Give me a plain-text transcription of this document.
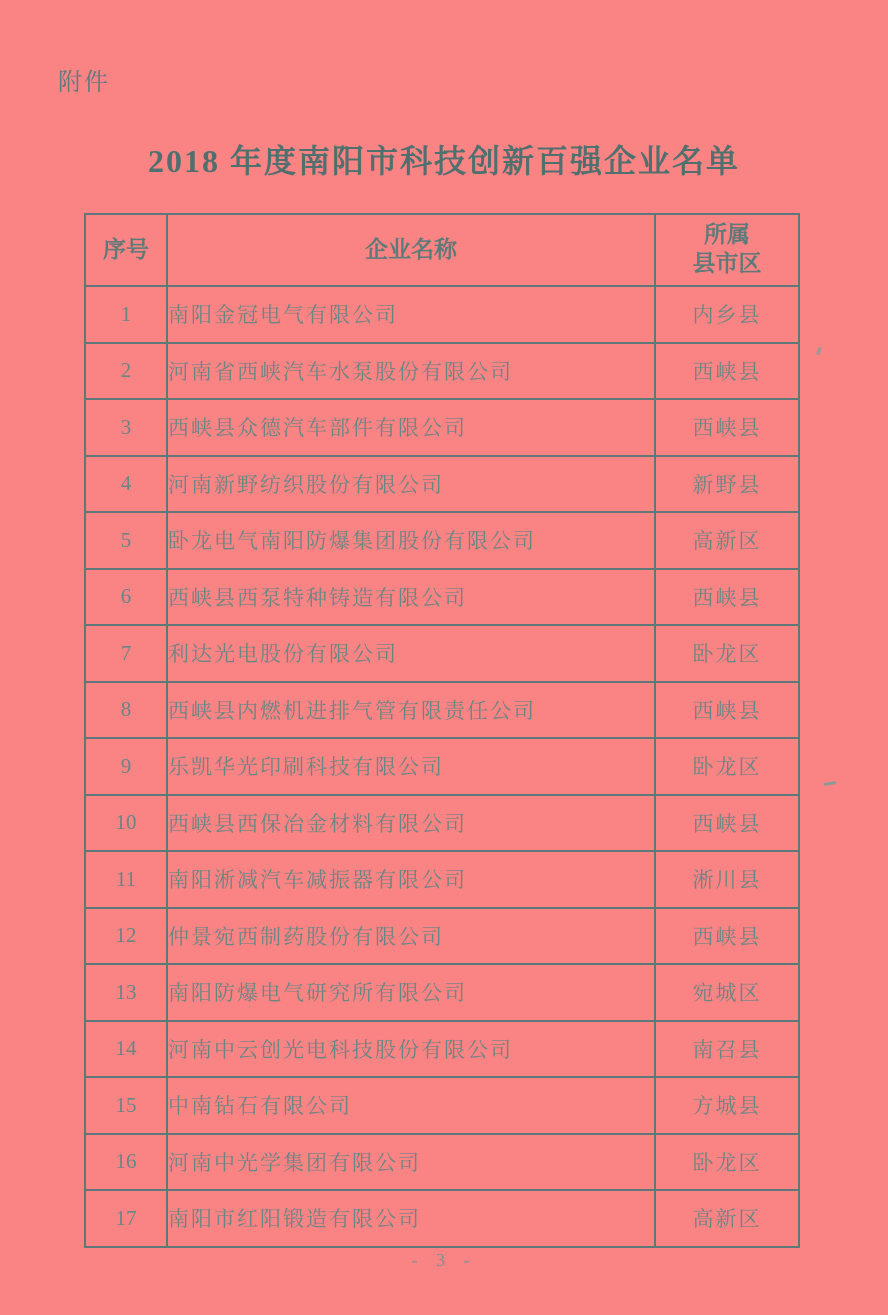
附件
2018 年度南阳市科技创新百强企业名单
序号	企业名称	所属
县市区
1	南阳金冠电气有限公司	内乡县
2	河南省西峡汽车水泵股份有限公司	西峡县
3	西峡县众德汽车部件有限公司	西峡县
4	河南新野纺织股份有限公司	新野县
5	卧龙电气南阳防爆集团股份有限公司	高新区
6	西峡县西泵特种铸造有限公司	西峡县
7	利达光电股份有限公司	卧龙区
8	西峡县内燃机进排气管有限责任公司	西峡县
9	乐凯华光印刷科技有限公司	卧龙区
10	西峡县西保冶金材料有限公司	西峡县
11	南阳淅减汽车减振器有限公司	淅川县
12	仲景宛西制药股份有限公司	西峡县
13	南阳防爆电气研究所有限公司	宛城区
14	河南中云创光电科技股份有限公司	南召县
15	中南钻石有限公司	方城县
16	河南中光学集团有限公司	卧龙区
17	南阳市红阳锻造有限公司	高新区
- 3 -
